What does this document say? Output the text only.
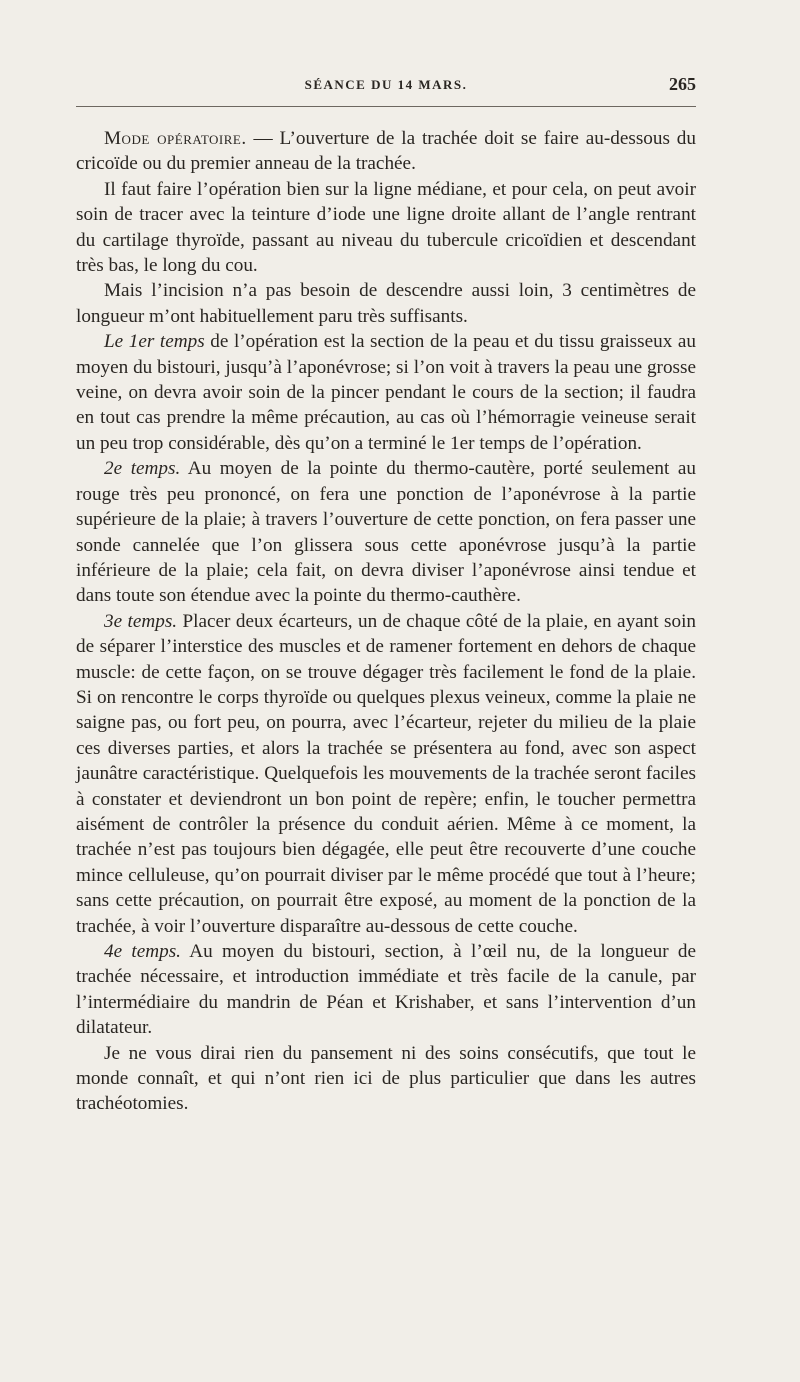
SÉANCE DU 14 MARS.	265

Mode opératoire. — L’ouverture de la trachée doit se faire au-dessous du cricoïde ou du premier anneau de la trachée.

Il faut faire l’opération bien sur la ligne médiane, et pour cela, on peut avoir soin de tracer avec la teinture d’iode une ligne droite allant de l’angle rentrant du cartilage thyroïde, passant au niveau du tubercule cricoïdien et descendant très bas, le long du cou.

Mais l’incision n’a pas besoin de descendre aussi loin, 3 centimètres de longueur m’ont habituellement paru très suffisants.

Le 1er temps de l’opération est la section de la peau et du tissu graisseux au moyen du bistouri, jusqu’à l’aponévrose; si l’on voit à travers la peau une grosse veine, on devra avoir soin de la pincer pendant le cours de la section; il faudra en tout cas prendre la même précaution, au cas où l’hémorragie veineuse serait un peu trop considérable, dès qu’on a terminé le 1er temps de l’opération.

2e temps. Au moyen de la pointe du thermo-cautère, porté seulement au rouge très peu prononcé, on fera une ponction de l’aponévrose à la partie supérieure de la plaie; à travers l’ouverture de cette ponction, on fera passer une sonde cannelée que l’on glissera sous cette aponévrose jusqu’à la partie inférieure de la plaie; cela fait, on devra diviser l’aponévrose ainsi tendue et dans toute son étendue avec la pointe du thermo-cauthère.

3e temps. Placer deux écarteurs, un de chaque côté de la plaie, en ayant soin de séparer l’interstice des muscles et de ramener fortement en dehors de chaque muscle: de cette façon, on se trouve dégager très facilement le fond de la plaie. Si on rencontre le corps thyroïde ou quelques plexus veineux, comme la plaie ne saigne pas, ou fort peu, on pourra, avec l’écarteur, rejeter du milieu de la plaie ces diverses parties, et alors la trachée se présentera au fond, avec son aspect jaunâtre caractéristique. Quelquefois les mouvements de la trachée seront faciles à constater et deviendront un bon point de repère; enfin, le toucher permettra aisément de contrôler la présence du conduit aérien. Même à ce moment, la trachée n’est pas toujours bien dégagée, elle peut être recouverte d’une couche mince celluleuse, qu’on pourrait diviser par le même procédé que tout à l’heure; sans cette précaution, on pourrait être exposé, au moment de la ponction de la trachée, à voir l’ouverture disparaître au-dessous de cette couche.

4e temps. Au moyen du bistouri, section, à l’œil nu, de la longueur de trachée nécessaire, et introduction immédiate et très facile de la canule, par l’intermédiaire du mandrin de Péan et Krishaber, et sans l’intervention d’un dilatateur.

Je ne vous dirai rien du pansement ni des soins consécutifs, que tout le monde connaît, et qui n’ont rien ici de plus particulier que dans les autres trachéotomies.
